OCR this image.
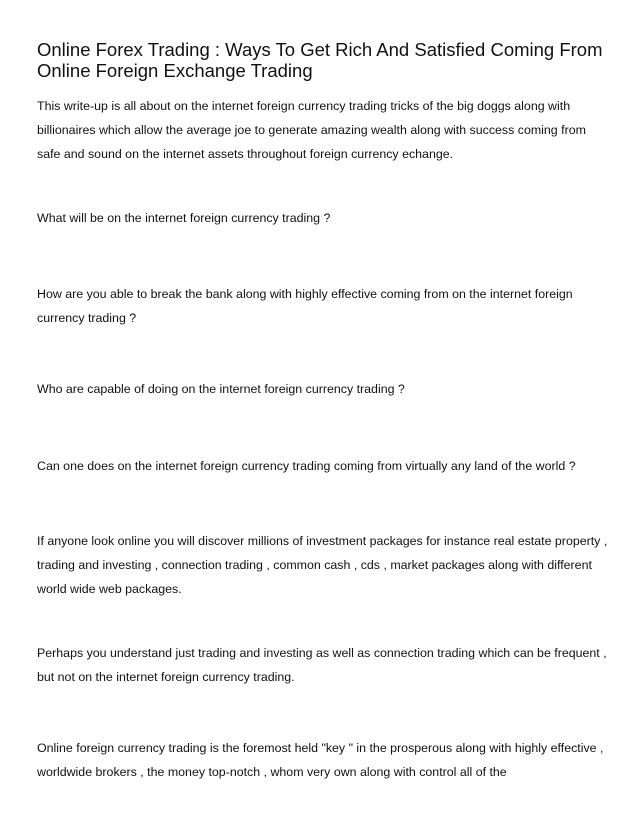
Online Forex Trading : Ways To Get Rich And Satisfied Coming From Online Foreign Exchange Trading

This write-up is all about on the internet foreign currency trading tricks of the big doggs along with billionaires which allow the average joe to generate amazing wealth along with success coming from safe and sound on the internet assets throughout foreign currency echange.

What will be on the internet foreign currency trading ?

How are you able to break the bank along with highly effective coming from on the internet foreign currency trading ?

Who are capable of doing on the internet foreign currency trading ?

Can one does on the internet foreign currency trading coming from virtually any land of the world ?

If anyone look online you will discover millions of investment packages for instance real estate property , trading and investing , connection trading , common cash , cds , market packages along with different world wide web packages.

Perhaps you understand just trading and investing as well as connection trading which can be frequent , but not on the internet foreign currency trading.

Online foreign currency trading is the foremost held "key " in the prosperous along with highly effective , worldwide brokers , the money top-notch , whom very own along with control all of the
